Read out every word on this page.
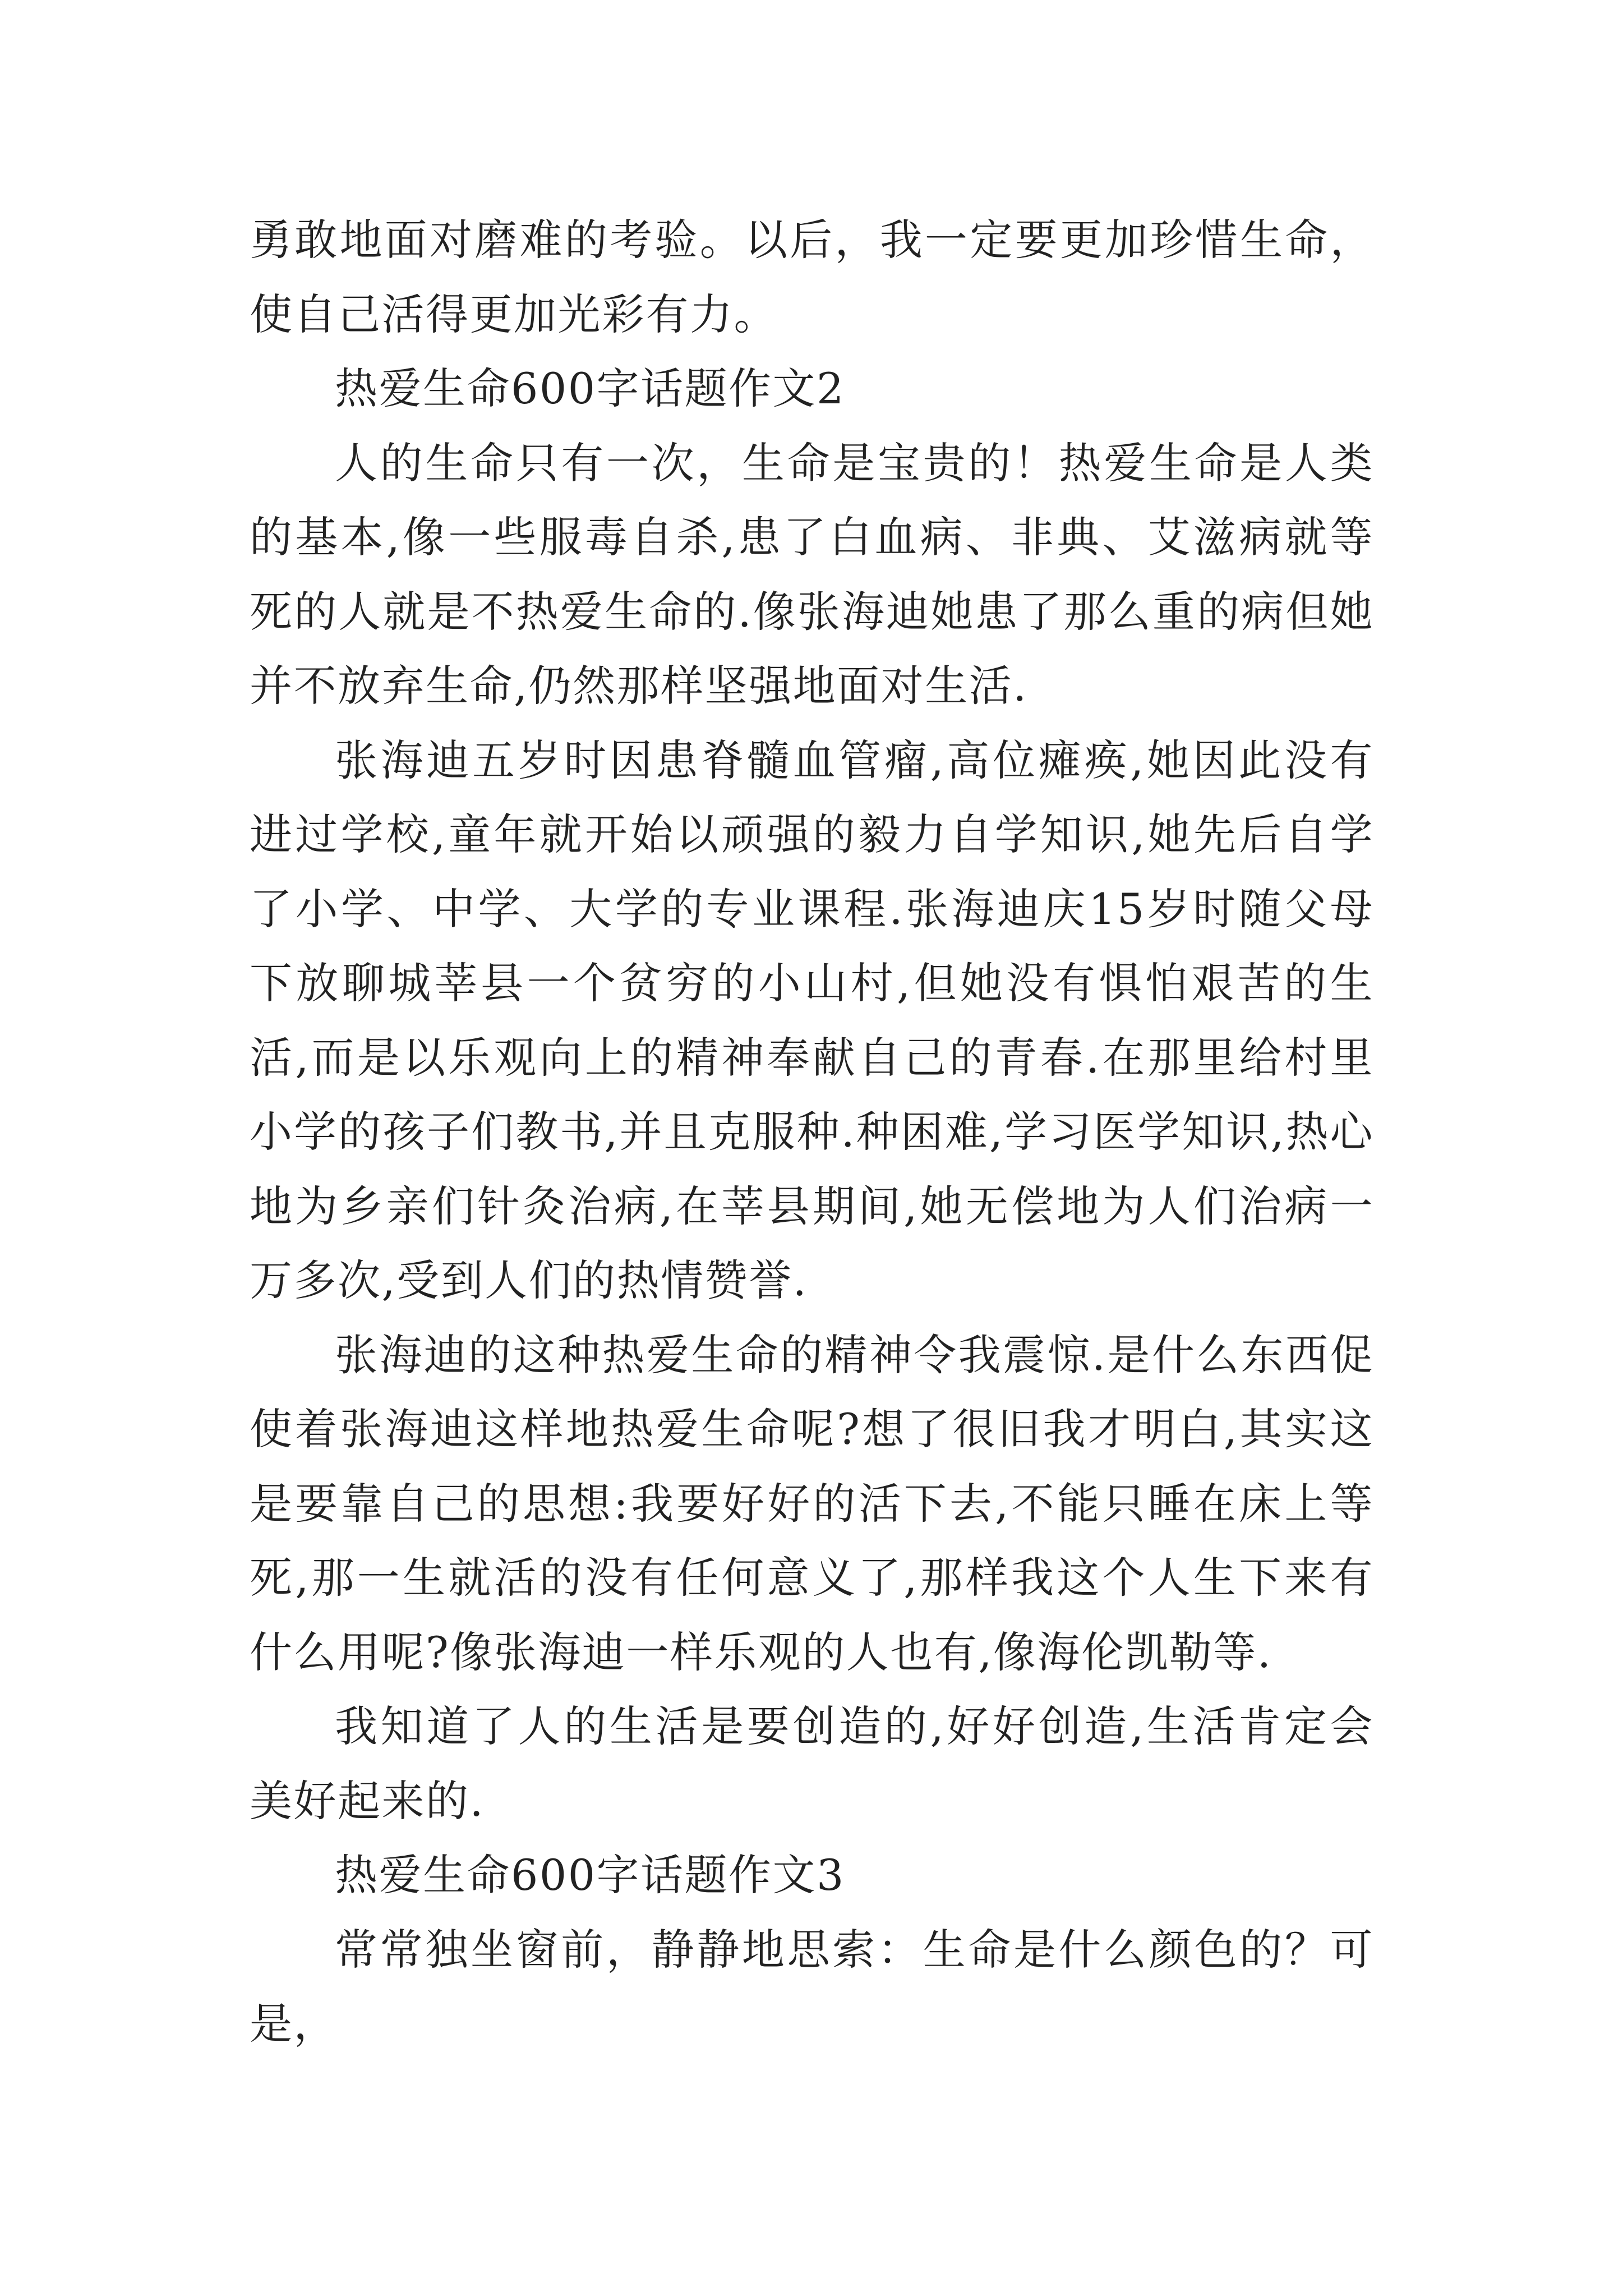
勇敢地面对磨难的考验。以后，我一定要更加珍惜生命，使自己活得更加光彩有力。

热爱生命600字话题作文2

人的生命只有一次，生命是宝贵的！热爱生命是人类的基本,像一些服毒自杀,患了白血病、非典、艾滋病就等死的人就是不热爱生命的.像张海迪她患了那么重的病但她并不放弃生命,仍然那样坚强地面对生活.

张海迪五岁时因患脊髓血管瘤,高位瘫痪,她因此没有进过学校,童年就开始以顽强的毅力自学知识,她先后自学了小学、中学、大学的专业课程.张海迪庆15岁时随父母下放聊城莘县一个贫穷的小山村,但她没有惧怕艰苦的生活,而是以乐观向上的精神奉献自己的青春.在那里给村里小学的孩子们教书,并且克服种.种困难,学习医学知识,热心地为乡亲们针灸治病,在莘县期间,她无偿地为人们治病一万多次,受到人们的热情赞誉.

张海迪的这种热爱生命的精神令我震惊.是什么东西促使着张海迪这样地热爱生命呢?想了很旧我才明白,其实这是要靠自己的思想:我要好好的活下去,不能只睡在床上等死,那一生就活的没有任何意义了,那样我这个人生下来有什么用呢?像张海迪一样乐观的人也有,像海伦凯勒等.

我知道了人的生活是要创造的,好好创造,生活肯定会美好起来的.

热爱生命600字话题作文3

常常独坐窗前，静静地思索：生命是什么颜色的？可是，
